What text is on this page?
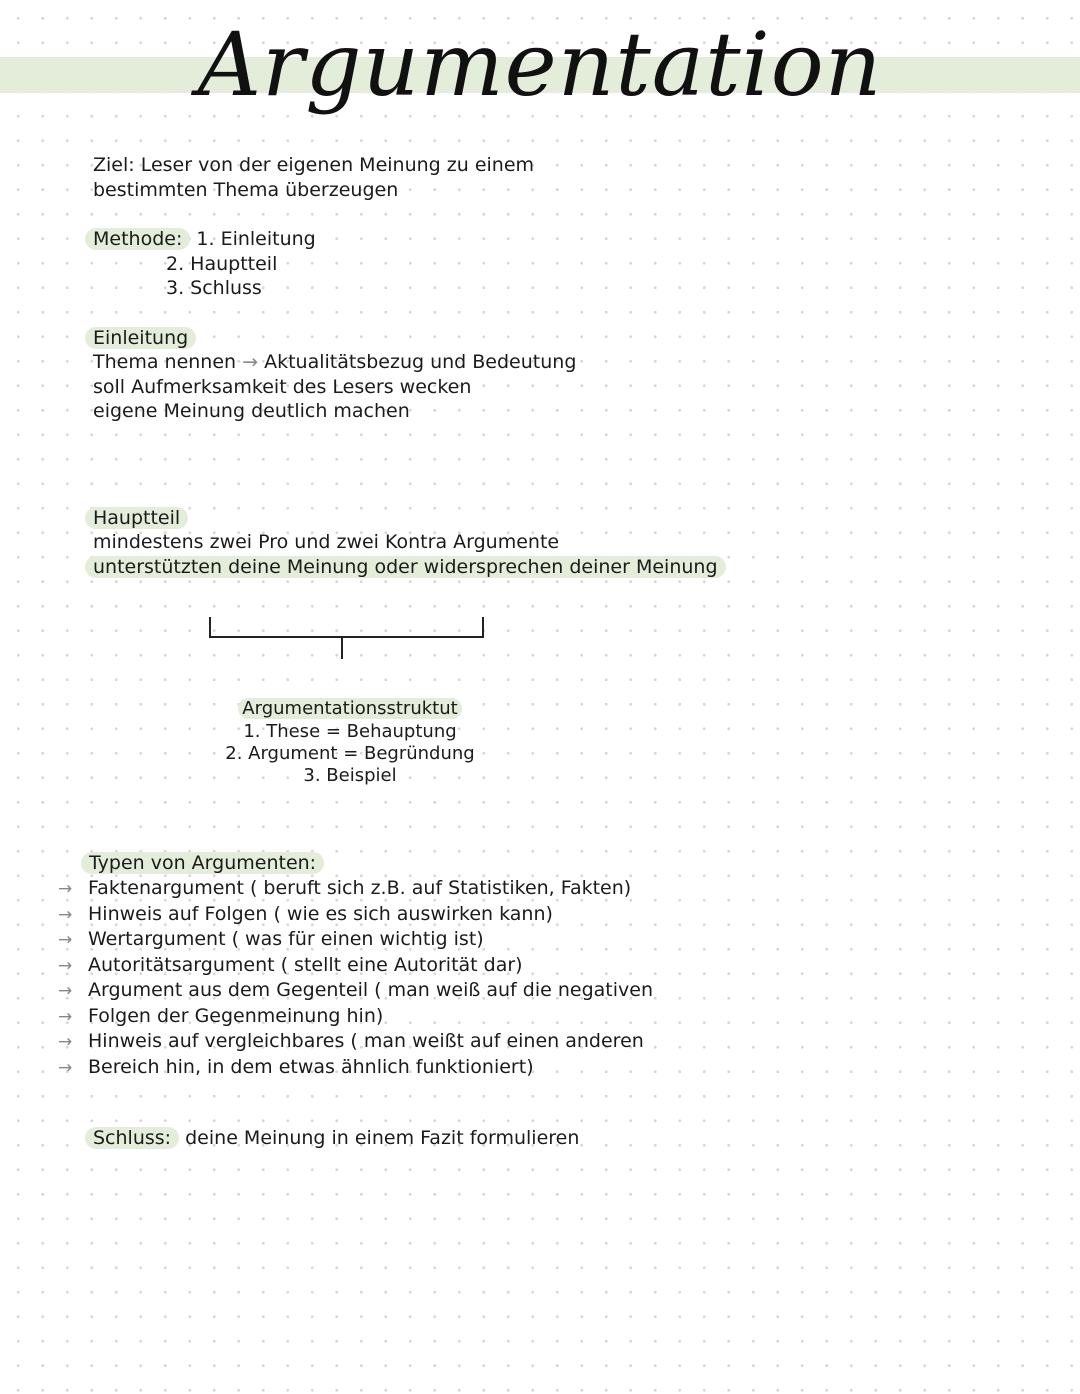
Argumentation
Ziel: Leser von der eigenen Meinung zu einem
bestimmten Thema überzeugen
Methode: 1. Einleitung
2. Hauptteil
3. Schluss
Einleitung
Thema nennen → Aktualitätsbezug und Bedeutung
soll Aufmerksamkeit des Lesers wecken
eigene Meinung deutlich machen
Hauptteil
mindestens zwei Pro und zwei Kontra Argumente
unterstützten deine Meinung oder widersprechen deiner Meinung
Argumentationsstruktut
1. These = Behauptung
2. Argument = Begründung
3. Beispiel
Typen von Argumenten:
→ Faktenargument ( beruft sich z.B. auf Statistiken, Fakten)
→ Hinweis auf Folgen ( wie es sich auswirken kann)
→ Wertargument ( was für einen wichtig ist)
→ Autoritätsargument ( stellt eine Autorität dar)
→ Argument aus dem Gegenteil ( man weiß auf die negativen
→ Folgen der Gegenmeinung hin)
→ Hinweis auf vergleichbares ( man weißt auf einen anderen
→ Bereich hin, in dem etwas ähnlich funktioniert)
Schluss: deine Meinung in einem Fazit formulieren
